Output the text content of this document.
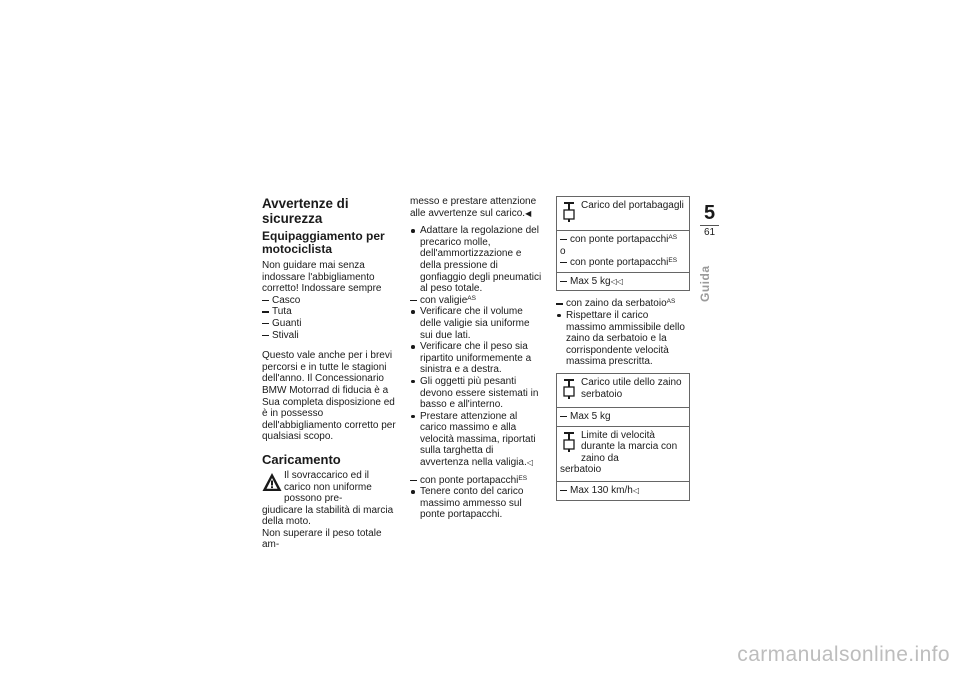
Avvertenze di sicurezza
Equipaggiamento per motociclista

Non guidare mai senza indossare l'abbigliamento corretto! Indossare sempre

Casco
Tuta
Guanti
Stivali

Questo vale anche per i brevi percorsi e in tutte le stagioni dell'anno. Il Concessionario BMW Motorrad di fiducia è a Sua completa disposizione ed è in possesso dell'abbigliamento corretto per qualsiasi scopo.

Caricamento
Il sovraccarico ed il carico non uniforme possono pre-
giudicare la stabilità di marcia della moto.

Non superare il peso totale am-

messo e prestare attenzione alle avvertenze sul carico.◀

Adattare la regolazione del precarico molle, dell'ammortizzazione e della pressione di gonfiaggio degli pneumatici al peso totale.
con valigie$^{AS}$
Verificare che il volume delle valigie sia uniforme sui due lati.
Verificare che il peso sia ripartito uniformemente a sinistra e a destra.
Gli oggetti più pesanti devono essere sistemati in basso e all'interno.
Prestare attenzione al carico massimo e alla velocità massima, riportati sulla targhetta di avvertenza nella valigia.◁
con ponte portapacchi$^{ES}$
Tenere conto del carico massimo ammesso sul ponte portapacchi.
Carico del portabagagli
con ponte portapacchi$^{AS}$
o
con ponte portapacchi$^{ES}$
Max 5 kg◁◁
con zaino da serbatoio$^{AS}$
Rispettare il carico massimo ammissibile dello zaino da serbatoio e la corrispondente velocità massima prescritta.
Carico utile dello zaino serbatoio
Max 5 kg
Limite di velocità durante la marcia con zaino da
serbatoio
Max 130 km/h◁
5
61
Guida
carmanualsonline.info
